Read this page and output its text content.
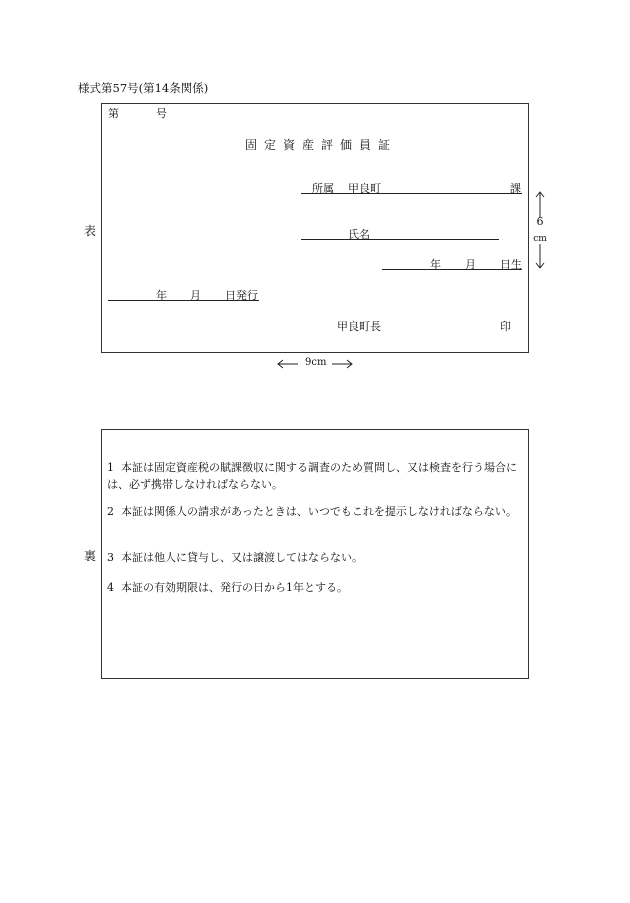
様式第57号(第14条関係)
表
第	号
固定資産評価員証
所属 甲良町	課
氏名
年 月 日生
年 月 日発行
甲良町長	印
6
cm
9cm
裏
1 本証は固定資産税の賦課徴収に関する調査のため質問し、又は検査を行う場合には、必ず携帯しなければならない。
2 本証は関係人の請求があったときは、いつでもこれを提示しなければならない。
3 本証は他人に貸与し、又は譲渡してはならない。
4 本証の有効期限は、発行の日から1年とする。
